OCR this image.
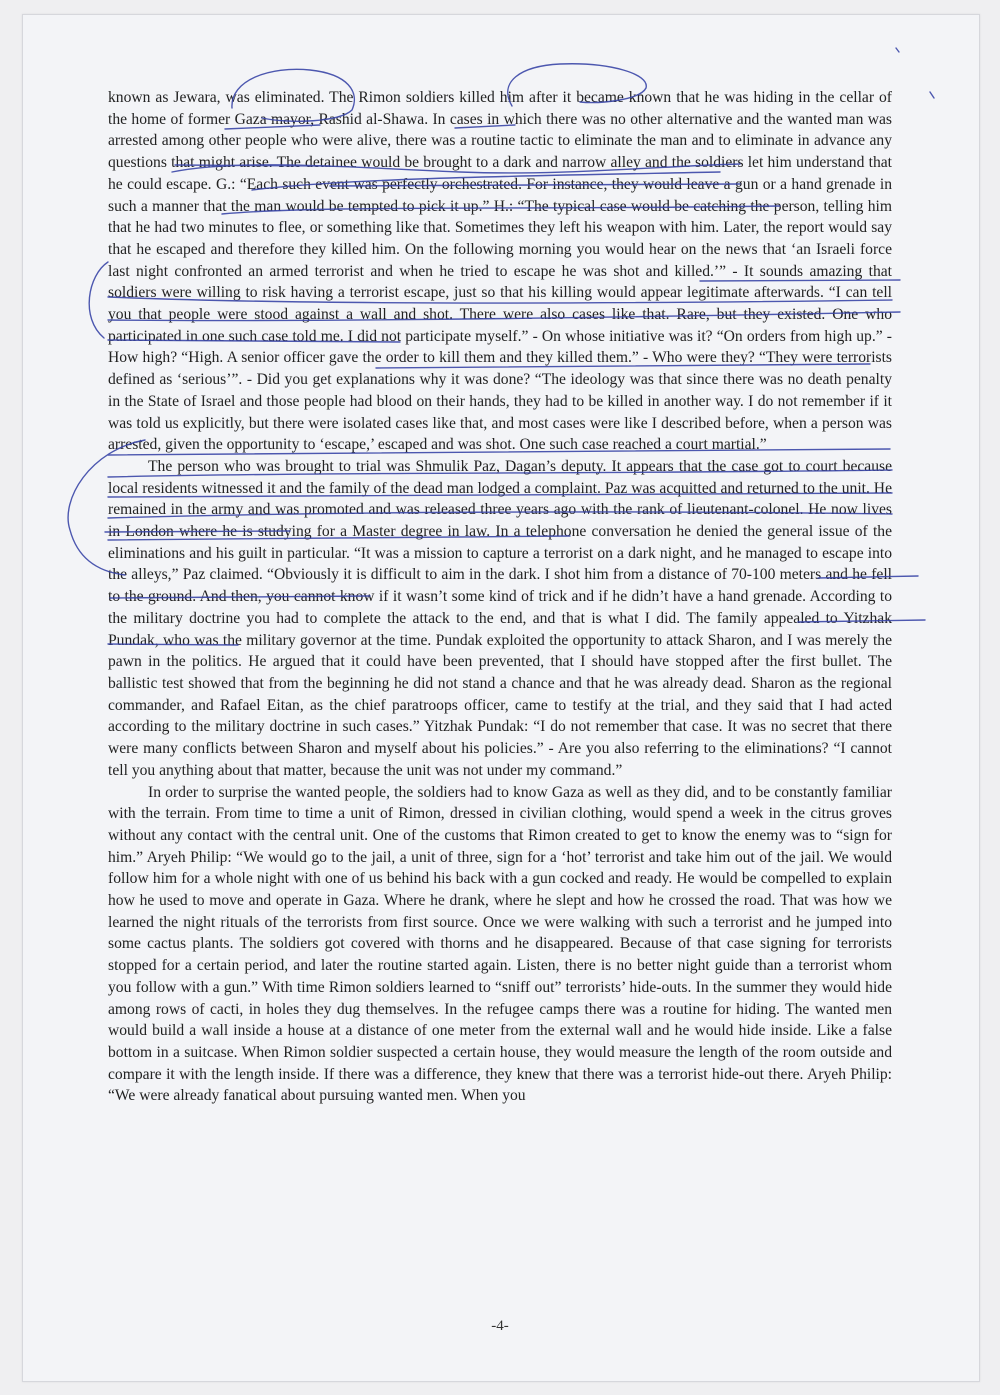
known as Jewara, was eliminated. The Rimon soldiers killed him after it became known that he was hiding in the cellar of the home of former Gaza mayor, Rashid al-Shawa. In cases in which there was no other alternative and the wanted man was arrested among other people who were alive, there was a routine tactic to eliminate the man and to eliminate in advance any questions that might arise. The detainee would be brought to a dark and narrow alley and the soldiers let him understand that he could escape. G.: “Each such event was perfectly orchestrated. For instance, they would leave a gun or a hand grenade in such a manner that the man would be tempted to pick it up.” H.: “The typical case would be catching the person, telling him that he had two minutes to flee, or something like that. Sometimes they left his weapon with him. Later, the report would say that he escaped and therefore they killed him. On the following morning you would hear on the news that ‘an Israeli force last night confronted an armed terrorist and when he tried to escape he was shot and killed.’” - It sounds amazing that soldiers were willing to risk having a terrorist escape, just so that his killing would appear legitimate afterwards. “I can tell you that people were stood against a wall and shot. There were also cases like that. Rare, but they existed. One who participated in one such case told me. I did not participate myself.” - On whose initiative was it? “On orders from high up.” - How high? “High. A senior officer gave the order to kill them and they killed them.” - Who were they? “They were terrorists defined as ‘serious’”. - Did you get explanations why it was done? “The ideology was that since there was no death penalty in the State of Israel and those people had blood on their hands, they had to be killed in another way. I do not remember if it was told us explicitly, but there were isolated cases like that, and most cases were like I described before, when a person was arrested, given the opportunity to ‘escape,’ escaped and was shot. One such case reached a court martial.”

The person who was brought to trial was Shmulik Paz, Dagan’s deputy. It appears that the case got to court because local residents witnessed it and the family of the dead man lodged a complaint. Paz was acquitted and returned to the unit. He remained in the army and was promoted and was released three years ago with the rank of lieutenant-colonel. He now lives in London where he is studying for a Master degree in law. In a telephone conversation he denied the general issue of the eliminations and his guilt in particular. “It was a mission to capture a terrorist on a dark night, and he managed to escape into the alleys,” Paz claimed. “Obviously it is difficult to aim in the dark. I shot him from a distance of 70-100 meters and he fell to the ground. And then, you cannot know if it wasn’t some kind of trick and if he didn’t have a hand grenade. According to the military doctrine you had to complete the attack to the end, and that is what I did. The family appealed to Yitzhak Pundak, who was the military governor at the time. Pundak exploited the opportunity to attack Sharon, and I was merely the pawn in the politics. He argued that it could have been prevented, that I should have stopped after the first bullet. The ballistic test showed that from the beginning he did not stand a chance and that he was already dead. Sharon as the regional commander, and Rafael Eitan, as the chief paratroops officer, came to testify at the trial, and they said that I had acted according to the military doctrine in such cases.” Yitzhak Pundak: “I do not remember that case. It was no secret that there were many conflicts between Sharon and myself about his policies.” - Are you also referring to the eliminations? “I cannot tell you anything about that matter, because the unit was not under my command.”

In order to surprise the wanted people, the soldiers had to know Gaza as well as they did, and to be constantly familiar with the terrain. From time to time a unit of Rimon, dressed in civilian clothing, would spend a week in the citrus groves without any contact with the central unit. One of the customs that Rimon created to get to know the enemy was to “sign for him.” Aryeh Philip: “We would go to the jail, a unit of three, sign for a ‘hot’ terrorist and take him out of the jail. We would follow him for a whole night with one of us behind his back with a gun cocked and ready. He would be compelled to explain how he used to move and operate in Gaza. Where he drank, where he slept and how he crossed the road. That was how we learned the night rituals of the terrorists from first source. Once we were walking with such a terrorist and he jumped into some cactus plants. The soldiers got covered with thorns and he disappeared. Because of that case signing for terrorists stopped for a certain period, and later the routine started again. Listen, there is no better night guide than a terrorist whom you follow with a gun.” With time Rimon soldiers learned to “sniff out” terrorists’ hide-outs. In the summer they would hide among rows of cacti, in holes they dug themselves. In the refugee camps there was a routine for hiding. The wanted men would build a wall inside a house at a distance of one meter from the external wall and he would hide inside. Like a false bottom in a suitcase. When Rimon soldier suspected a certain house, they would measure the length of the room outside and compare it with the length inside. If there was a difference, they knew that there was a terrorist hide-out there. Aryeh Philip: “We were already fanatical about pursuing wanted men. When you

-4-
